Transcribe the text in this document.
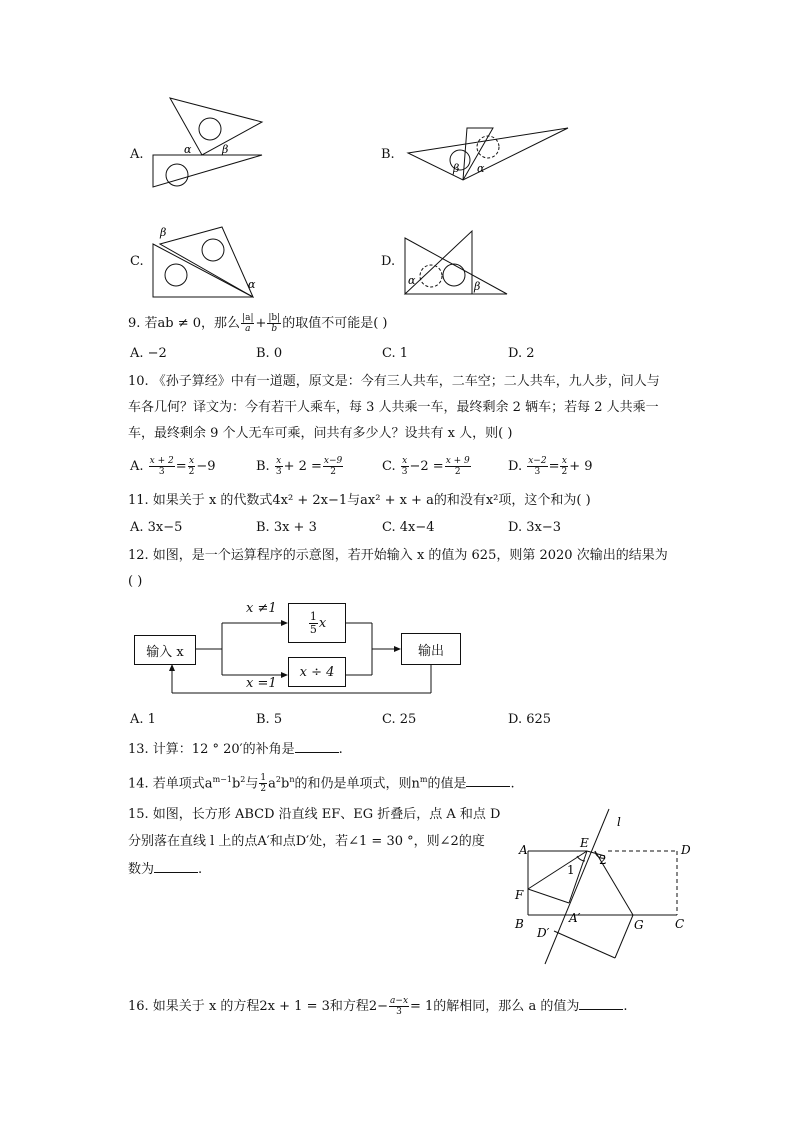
A.	α	β	B.
β α
C.
β
α
D.
α	β
9. 若ab ≠ 0，那么 $\frac{|a|}{a} + \frac{|b|}{b}$ 的取值不可能是( )
A. −2	B. 0	C. 1	D. 2
10. 《孙子算经》中有一道题，原文是：今有三人共车，二车空；二人共车，九人步，问人与
车各几何？译文为：今有若干人乘车，每 3 人共乘一车，最终剩余 2 辆车；若每 2 人共乘一
车，最终剩余 9 个人无车可乘，问共有多少人？设共有 x 人，则( )
A. $\frac{x + 2}{3} = \frac{x}{2} -9$	B. $\frac{x}{3} + 2 = \frac{x-9}{2}$	C. $\frac{x}{3} -2 = \frac{x + 9}{2}$	D. $\frac{x-2}{3} = \frac{x}{2} + 9$
11. 如果关于 x 的代数式4x² + 2x−1与ax² + x + a的和没有x²项，这个和为( )
A. 3x−5	B. 3x + 3	C. 4x−4	D. 3x−3
12. 如图，是一个运算程序的示意图，若开始输入 x 的值为 625，则第 2020 次输出的结果为
( )
输入 x
$\frac{1}{5}$ x
x ÷ 4
输出
x ≠1
x =1
A. 1	B. 5	C. 25	D. 625
13. 计算：12 ° 20′的补角是	.
14. 若单项式$a^{m-1}b^2$与 $\frac{1}{2} a^2b^n$的和仍是单项式，则$n^m$的值是	.
15. 如图，长方形 ABCD 沿直线 EF、EG 折叠后，点 A 和点 D
分别落在直线 l 上的点A′和点D′处，若∠1 = 30 °，则∠2的度
数为	.
A	D
E
F
B	C
G
A′
D′
l
1
2
16. 如果关于 x 的方程2x + 1 = 3和方程$2- \frac{a-x}{3} = 1$的解相同，那么 a 的值为	.
